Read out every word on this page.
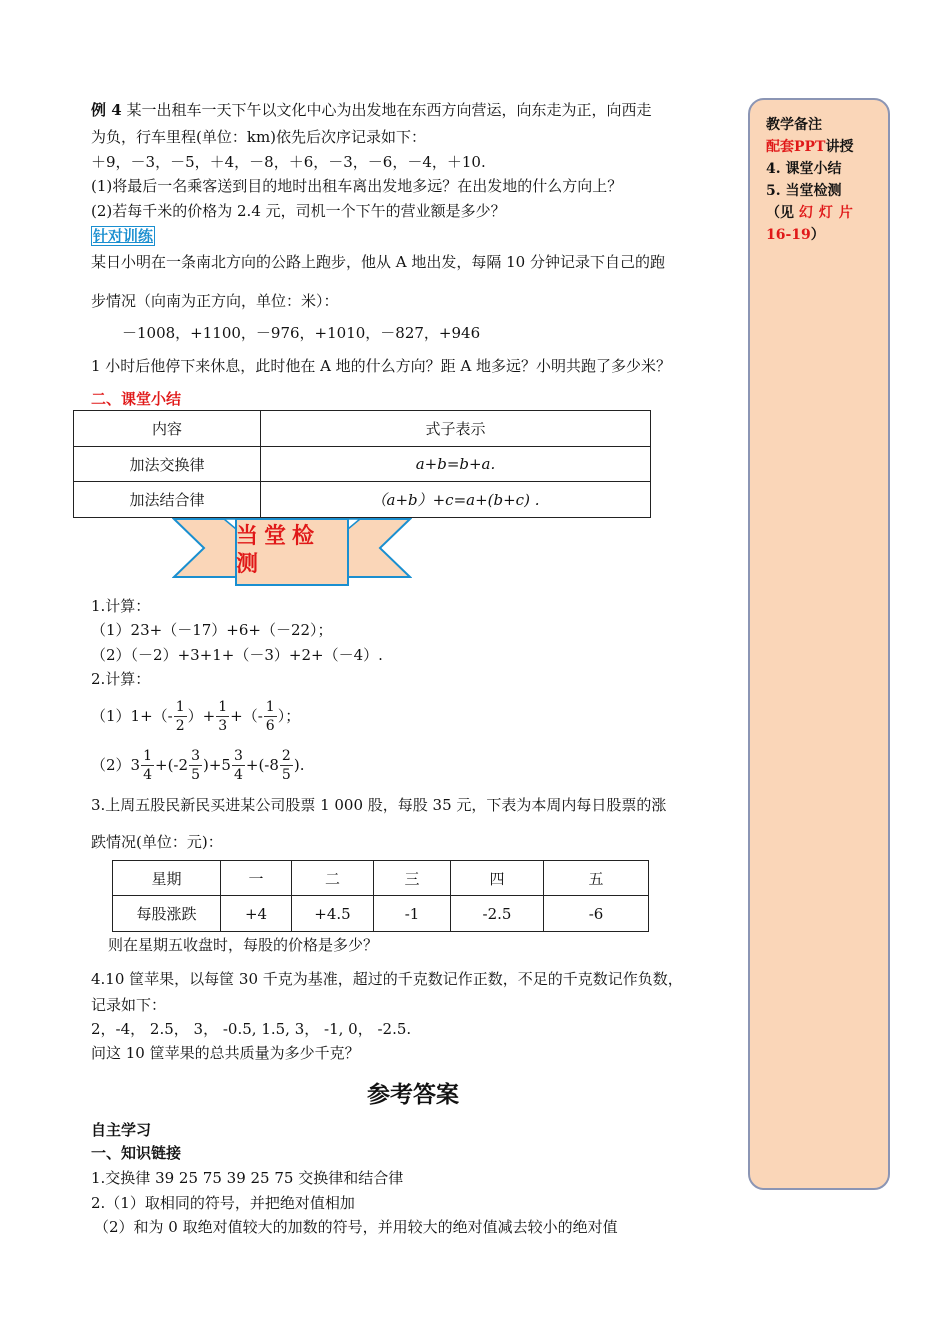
教学备注
配套PPT讲授
4. 课堂小结
5. 当堂检测
（见 幻灯片
16-19）
例 4 某一出租车一天下午以文化中心为出发地在东西方向营运，向东走为正，向西走
为负，行车里程(单位：km)依先后次序记录如下：
＋9，－3，－5，＋4，－8，＋6，－3，－6，－4，＋10.
(1)将最后一名乘客送到目的地时出租车离出发地多远？在出发地的什么方向上？
(2)若每千米的价格为 2.4 元，司机一个下午的营业额是多少？
针对训练
某日小明在一条南北方向的公路上跑步，他从 A 地出发，每隔 10 分钟记录下自己的跑
步情况（向南为正方向，单位：米）：
－1008，+1100，－976，+1010，－827，+946
1 小时后他停下来休息，此时他在 A 地的什么方向？距 A 地多远？小明共跑了多少米？
二、课堂小结
内容	式子表示
加法交换律	a+b=b+a.
加法结合律	（a+b）+c=a+(b+c) .
当堂检测
1.计算：
（1）23+（－17）+6+（－22）；
（2）（－2）+3+1+（－3）+2+（－4）.
2.计算：
$(1)1+(- \frac{1}{2}$ ）+ $\frac{1}{3}$ +（- $\frac{1}{6}$ ）；
$(2)3 \frac{1}{4} +(-2 \frac{3}{5} )+5 \frac{3}{4} +(-8 \frac{2}{5}$ ).
3.上周五股民新民买进某公司股票 1 000 股，每股 35 元，下表为本周内每日股票的涨
跌情况(单位：元)：
星期	一	二	三	四	五
每股涨跌	+4	+4.5	-1	-2.5	-6
则在星期五收盘时，每股的价格是多少？
4.10 筐苹果，以每筐 30 千克为基准，超过的千克数记作正数，不足的千克数记作负数，
记录如下：
2，-4， 2.5， 3， -0.5, 1.5, 3， -1, 0， -2.5.
问这 10 筐苹果的总共质量为多少千克？
参考答案
自主学习
一、知识链接
1.交换律 39 25 75 39 25 75 交换律和结合律
2.（1）取相同的符号，并把绝对值相加
（2）和为 0 取绝对值较大的加数的符号，并用较大的绝对值减去较小的绝对值
